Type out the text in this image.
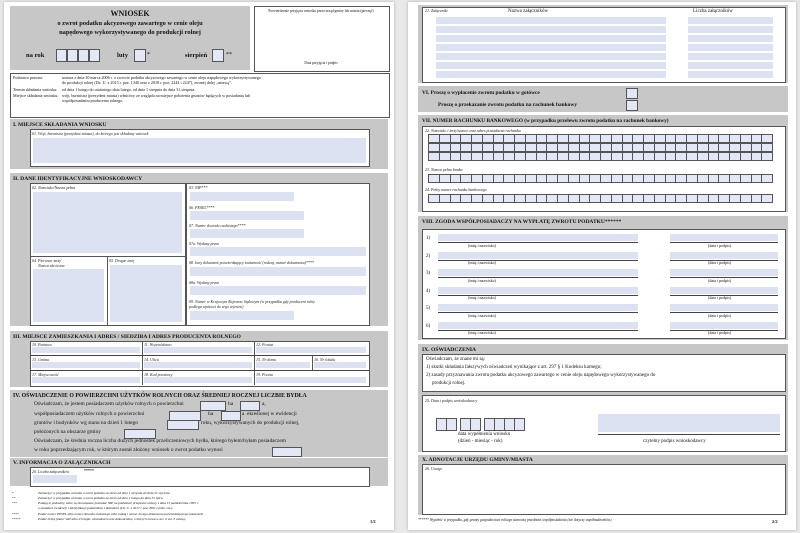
WNIOSEK
o zwrot podatku akcyzowego zawartego w cenie oleju
napędowego wykorzystywanego do produkcji rolnej
na rok	luty	*	sierpień	**
Potwierdzenie przyjęcia wniosku przez urząd gminy lub miasta (pieczęć)
Data przyjęcia i podpis
Podstawa prawna:	ustawa z dnia 10 marca 2006 r. o zwrocie podatku akcyzowego zawartego w cenie oleju napędowego wykorzystywanego
do produkcji rolnej (Dz. U. z 2015 r. poz. 1340 oraz z 2018 r. poz. 2244 i 2247), zwanej dalej „ustawą”.
Termin składania wniosku: od dnia 1 lutego do ostatniego dnia lutego, od dnia 1 sierpnia do dnia 31 sierpnia.
Miejsce składania wniosku: wójt, burmistrz (prezydent miasta) właściwy ze względu na miejsce położenia gruntów będących w posiadaniu lub
współposiadaniu producenta rolnego.
I. MIEJSCE SKŁADANIA WNIOSKU
01. Wójt, burmistrz (prezydent miasta), do którego jest składany wniosek
II. DANE IDENTYFIKACYJNE WNIOSKODAWCY
02. Nazwisko/Nazwa pełna
04. Pierwsze imię/
Nazwa skrócona
05. Drugie imię
03. NIP***
06. PESEL****
07. Numer dowodu osobistego****
07a. Wydany przez
08. Inny dokument potwierdzający tożsamość (rodzaj, numer dokumentu)****
08a. Wydany przez
09. Numer w Krajowym Rejestrze Sądowym (w przypadku gdy producent rolny
podlega wpisowi do tego rejestru)
III. MIEJSCE ZAMIESZKANIA I ADRES / SIEDZIBA I ADRES PRODUCENTA ROLNEGO
10. Państwo	11. Województwo	12. Powiat
13. Gmina	14. Ulica	15. Nr domu	16. Nr lokalu
17. Miejscowość	18. Kod pocztowy	19. Poczta
IV. OŚWIADCZENIE O POWIERZCHNI UŻYTKÓW ROLNYCH ORAZ ŚREDNIEJ ROCZNEJ LICZBIE BYDŁA
Oświadczam, że jestem posiadaczem użytków rolnych o powierzchni	ha	a,
współposiadaczem użytków rolnych o powierzchni	ha	a ekreślonej w ewidencji
gruntów i budynków wg stanu na dzień 1 lutego	roku, wykorzystywanych do produkcji rolnej,
położonych na obszarze gminy
Oświadczam, że średnia roczna liczba dużych jednostek przeliczeniowych bydła, którego byłem/byłam posiadaczem
w roku poprzedzającym rok, w którym został złożony wniosek o zwrot podatku wynosi
V. INFORMACJA O ZAŁĄCZNIKACH
20. Liczba załączników	*****
*	Zaznaczyć w przypadku wniosku o zwrot podatku za okres od dnia 1 sierpnia do dnia 31 stycznia.
**	Zaznaczyć w przypadku wniosku o zwrot podatku za okres od dnia 1 lutego do dnia 31 lipca.
***	Podają te podmioty, które są obowiązane posiadać NIP na podstawie przepisów ustawy z dnia 13 października 1995 r.
o zasadach ewidencji i identyfikacji podatników i płatników (Dz. U. z 2017 r. poz. 869, z późn. zm.).
****	Podać numer PESEL albo numer dowodu osobistego albo rodzaj i numer innego dokumentu potwierdzającego tożsamość.
*****	Podać liczbę faktur VAT albo ich kopii, oświadczeń oraz dokumentów, o których mowa w art. 6 ust. 3 ustawy.	1/2
21. Załączniki	Nazwa załączników	Liczba załączników
VI. Proszę o wypłacenie zwrotu podatku w gotówce
Proszę o przekazanie zwrotu podatku na rachunek bankowy
VII. NUMER RACHUNKU BANKOWEGO (w przypadku przelewu zwrotu podatku na rachunek bankowy)
22. Nazwisko i imię/nazwa oraz adres posiadacza rachunku
23. Nazwa pełna banku
24. Pełny numer rachunku bankowego
VIII. ZGODA WSPÓŁPOSIADACZY NA WYPŁATĘ ZWROTU PODATKU******
1)
(imię i nazwisko)	(data i podpis)
2)
(imię i nazwisko)	(data i podpis)
3)
(imię i nazwisko)	(data i podpis)
4)
(imię i nazwisko)	(data i podpis)
5)
(imię i nazwisko)	(data i podpis)
6)
(imię i nazwisko)	(data i podpis)
IX. OŚWIADCZENIA
Oświadczam, że znane mi są:
1) skutki składania fałszywych oświadczeń wynikające z art. 297 § 1 Kodeksu karnego;
2) zasady przyznawania zwrotu podatku akcyzowego zawartego w cenie oleju napędowego wykorzystywanego do
produkcji rolnej.
25. Data i podpis wnioskodawcy
data wypełnienia wniosku
(dzień - miesiąc - rok)	czytelny podpis wnioskodawcy
X. ADNOTACJE URZĘDU GMINY/MIASTA
26. Uwagi
****** Wypełnić w przypadku, gdy grunty gospodarstwa rolnego stanowią przedmiot współposiadania (nie dotyczy współmałżonków).	2/2
